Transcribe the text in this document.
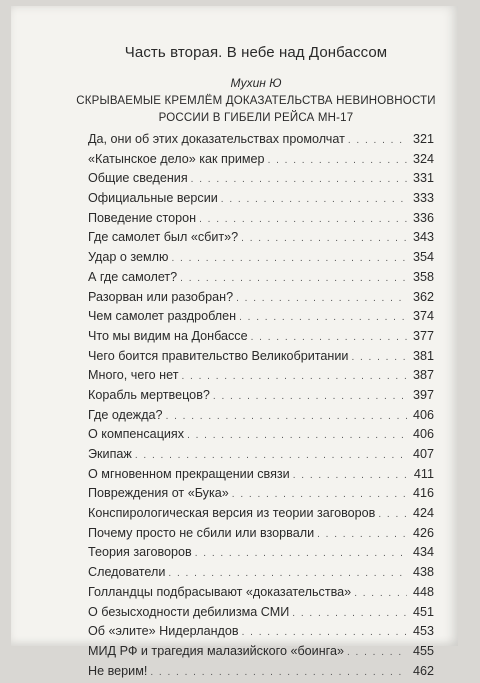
Часть вторая. В небе над Донбассом
Мухин Ю
СКРЫВАЕМЫЕ КРЕМЛЁМ ДОКАЗАТЕЛЬСТВА НЕВИНОВНОСТИ
РОССИИ В ГИБЕЛИ РЕЙСА МН-17
Да, они об этих доказательствах промолчат . . .	321
«Катынское дело» как пример . . .	324
Общие сведения . . .	331
Официальные версии . . .	333
Поведение сторон . . .	336
Где самолет был «сбит»? . . .	343
Удар о землю . . .	354
А где самолет? . . .	358
Разорван или разобран? . . .	362
Чем самолет раздроблен . . .	374
Что мы видим на Донбассе . . .	377
Чего боится правительство Великобритании . . .	381
Много, чего нет . . .	387
Корабль мертвецов? . . .	397
Где одежда? . . .	406
О компенсациях . . .	406
Экипаж . . .	407
О мгновенном прекращении связи . . .	411
Повреждения от «Бука» . . .	416
Конспирологическая версия из теории заговоров . . .	424
Почему просто не сбили или взорвали . . .	426
Теория заговоров . . .	434
Следователи . . .	438
Голландцы подбрасывают «доказательства» . . .	448
О безысходности дебилизма СМИ . . .	451
Об «элите» Нидерландов . . .	453
МИД РФ и трагедия малазийского «боинга» . . .	455
Не верим! . . .	462
